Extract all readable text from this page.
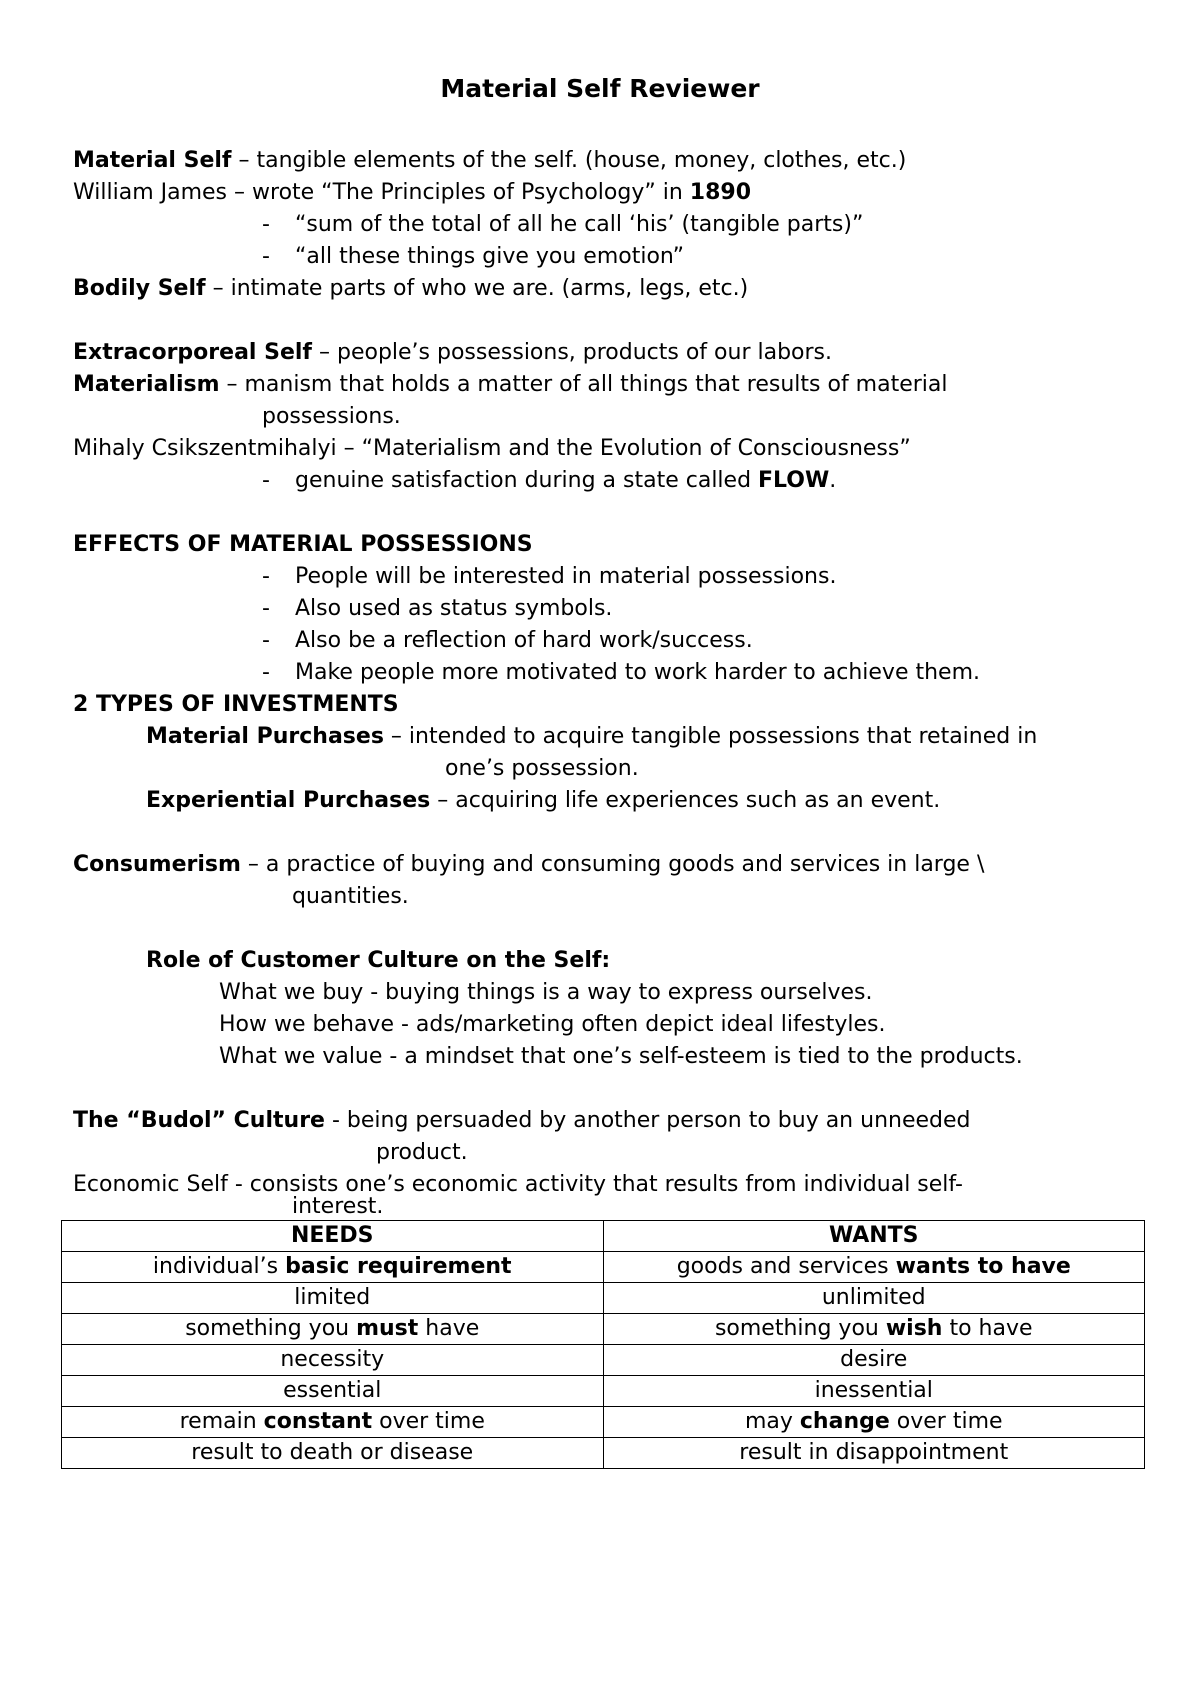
Material Self Reviewer
Material Self – tangible elements of the self. (house, money, clothes, etc.)
William James – wrote “The Principles of Psychology” in 1890
- “sum of the total of all he call ‘his’ (tangible parts)”
- “all these things give you emotion”
Bodily Self – intimate parts of who we are. (arms, legs, etc.)
Extracorporeal Self – people’s possessions, products of our labors.
Materialism – manism that holds a matter of all things that results of material
possessions.
Mihaly Csikszentmihalyi – “Materialism and the Evolution of Consciousness”
- genuine satisfaction during a state called FLOW.
EFFECTS OF MATERIAL POSSESSIONS
- People will be interested in material possessions.
- Also used as status symbols.
- Also be a reflection of hard work/success.
- Make people more motivated to work harder to achieve them.
2 TYPES OF INVESTMENTS
Material Purchases – intended to acquire tangible possessions that retained in
one’s possession.
Experiential Purchases – acquiring life experiences such as an event.
Consumerism – a practice of buying and consuming goods and services in large \
quantities.
Role of Customer Culture on the Self:
What we buy - buying things is a way to express ourselves.
How we behave - ads/marketing often depict ideal lifestyles.
What we value - a mindset that one’s self-esteem is tied to the products.
The “Budol” Culture - being persuaded by another person to buy an unneeded
product.
Economic Self - consists one’s economic activity that results from individual self-
interest.
NEEDS	WANTS
individual’s basic requirement	goods and services wants to have
limited	unlimited
something you must have	something you wish to have
necessity	desire
essential	inessential
remain constant over time	may change over time
result to death or disease	result in disappointment
